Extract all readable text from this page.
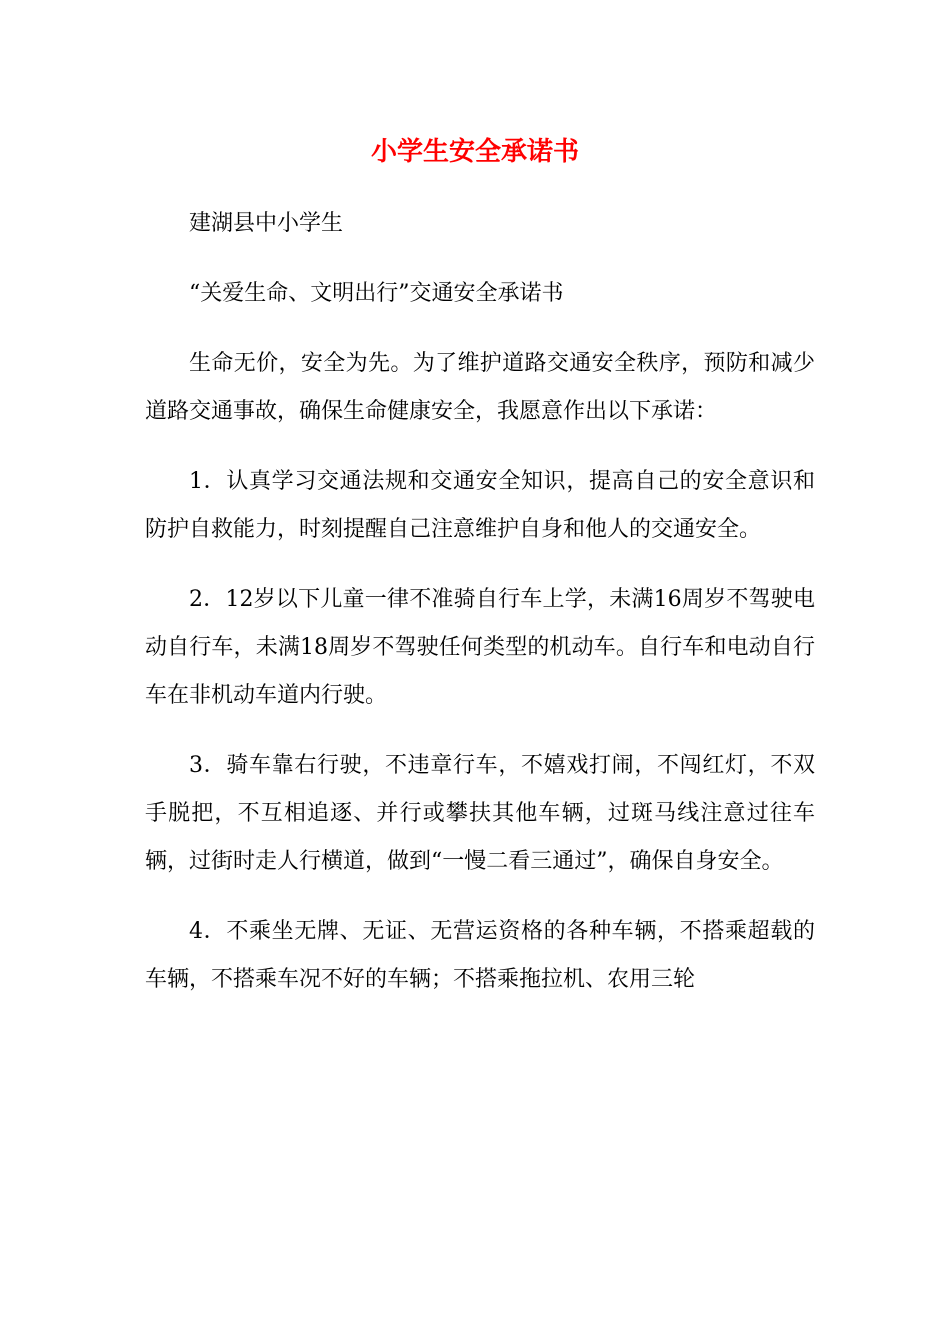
小学生安全承诺书

建湖县中小学生

“关爱生命、文明出行”交通安全承诺书

生命无价，安全为先。为了维护道路交通安全秩序，预防和减少道路交通事故，确保生命健康安全，我愿意作出以下承诺：

1．认真学习交通法规和交通安全知识，提高自己的安全意识和防护自救能力，时刻提醒自己注意维护自身和他人的交通安全。

2．12岁以下儿童一律不准骑自行车上学，未满16周岁不驾驶电动自行车，未满18周岁不驾驶任何类型的机动车。自行车和电动自行车在非机动车道内行驶。

3．骑车靠右行驶，不违章行车，不嬉戏打闹，不闯红灯，不双手脱把，不互相追逐、并行或攀扶其他车辆，过斑马线注意过往车辆，过街时走人行横道，做到“一慢二看三通过”，确保自身安全。

4．不乘坐无牌、无证、无营运资格的各种车辆，不搭乘超载的车辆，不搭乘车况不好的车辆；不搭乘拖拉机、农用三轮
